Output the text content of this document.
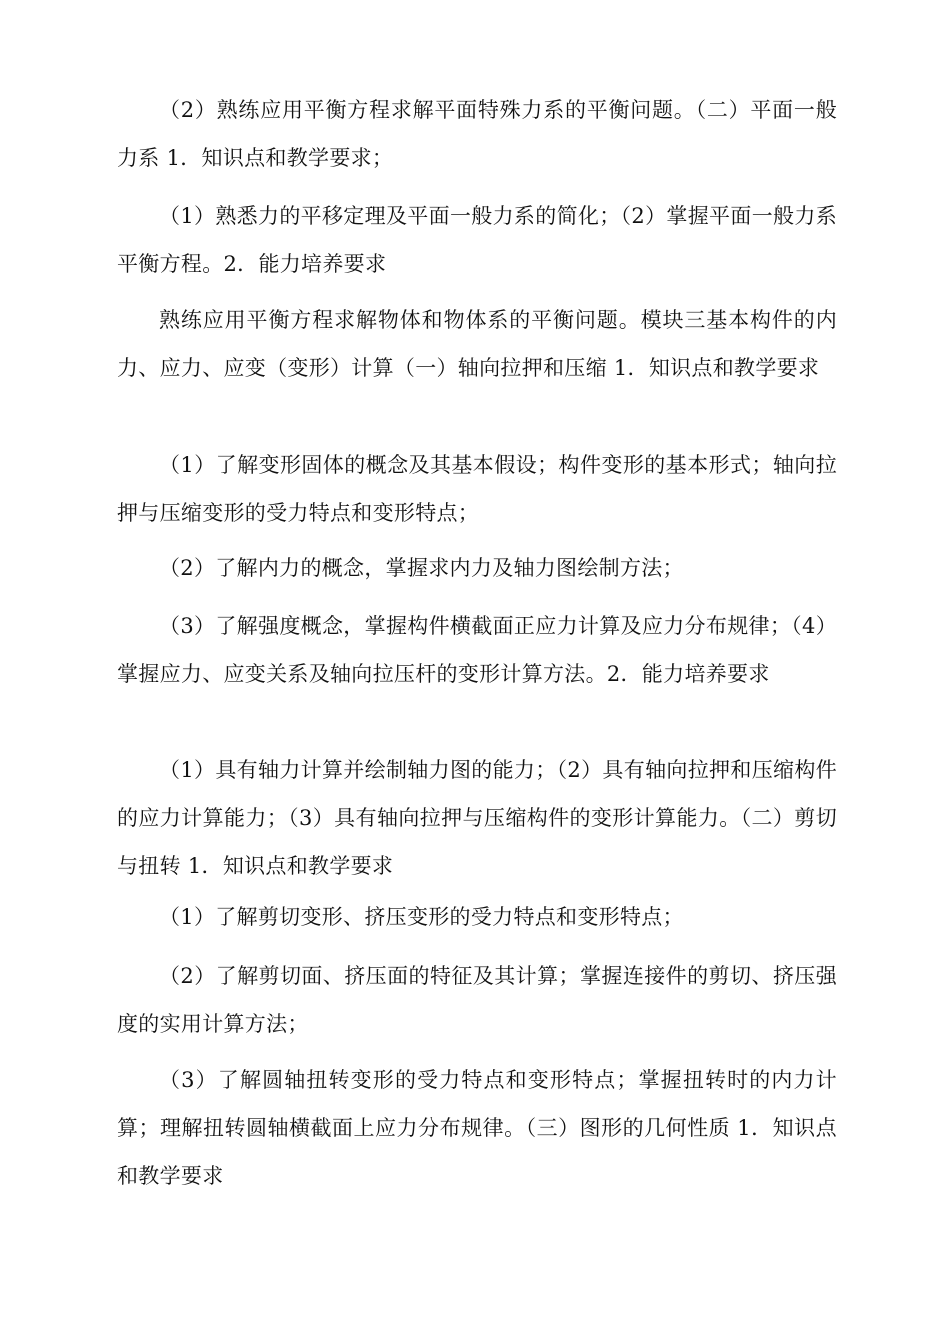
（2）熟练应用平衡方程求解平面特殊力系的平衡问题。（二）平面一般力系 1．知识点和教学要求；

（1）熟悉力的平移定理及平面一般力系的简化；（2）掌握平面一般力系平衡方程。2．能力培养要求

熟练应用平衡方程求解物体和物体系的平衡问题。模块三基本构件的内力、应力、应变（变形）计算（一）轴向拉押和压缩 1．知识点和教学要求

（1）了解变形固体的概念及其基本假设；构件变形的基本形式；轴向拉押与压缩变形的受力特点和变形特点；

（2）了解内力的概念，掌握求内力及轴力图绘制方法；

（3）了解强度概念，掌握构件横截面正应力计算及应力分布规律；（4）掌握应力、应变关系及轴向拉压杆的变形计算方法。2．能力培养要求

（1）具有轴力计算并绘制轴力图的能力；（2）具有轴向拉押和压缩构件的应力计算能力；（3）具有轴向拉押与压缩构件的变形计算能力。（二）剪切与扭转 1．知识点和教学要求

（1）了解剪切变形、挤压变形的受力特点和变形特点；

（2）了解剪切面、挤压面的特征及其计算；掌握连接件的剪切、挤压强度的实用计算方法；

（3）了解圆轴扭转变形的受力特点和变形特点；掌握扭转时的内力计算；理解扭转圆轴横截面上应力分布规律。（三）图形的几何性质 1．知识点和教学要求
